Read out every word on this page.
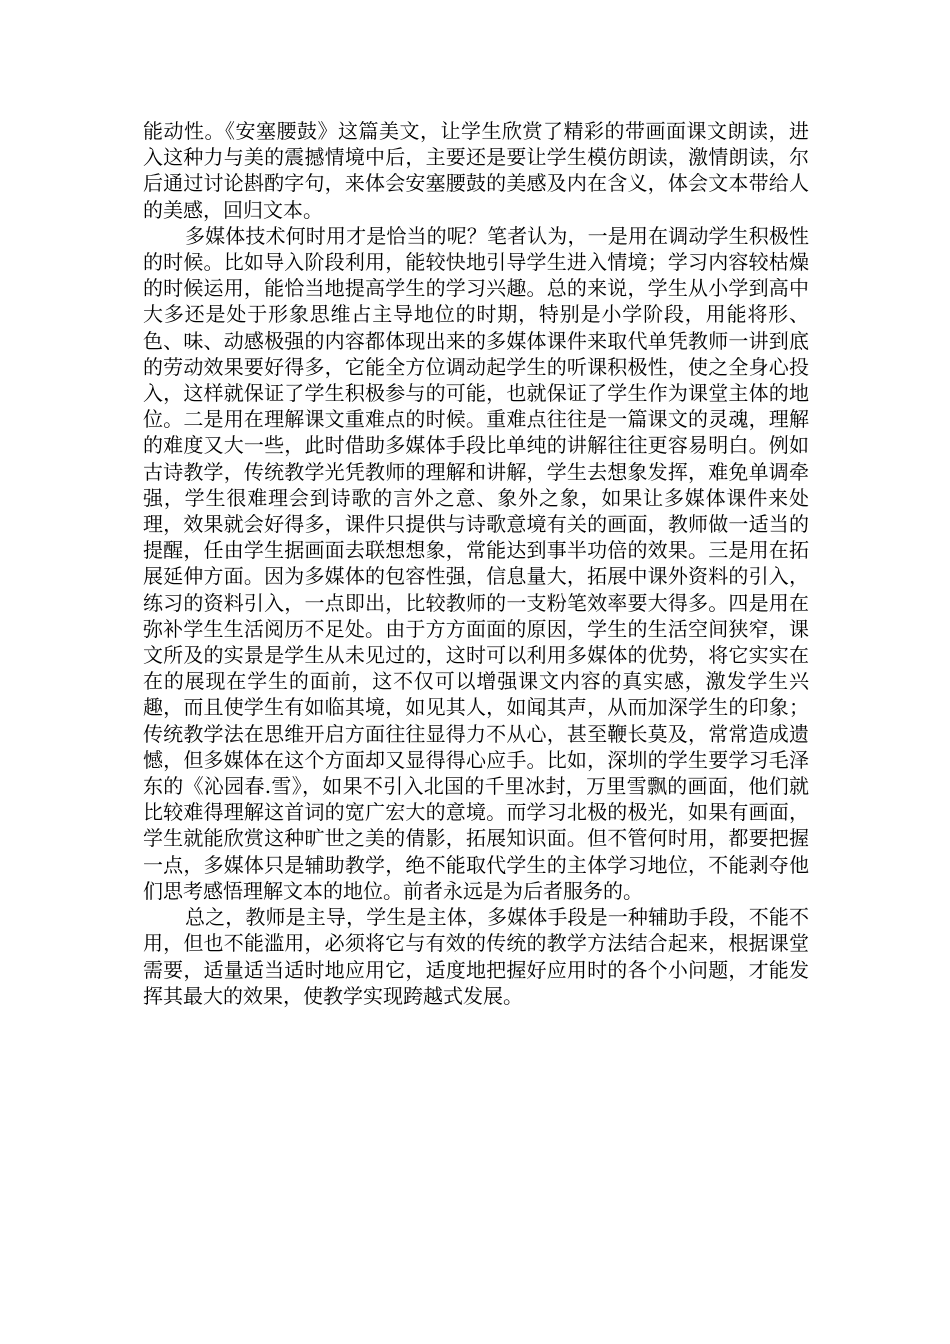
能动性。《安塞腰鼓》这篇美文，让学生欣赏了精彩的带画面课文朗读，进入这种力与美的震撼情境中后，主要还是要让学生模仿朗读，激情朗读，尔后通过讨论斟酌字句，来体会安塞腰鼓的美感及内在含义，体会文本带给人的美感，回归文本。

多媒体技术何时用才是恰当的呢？笔者认为，一是用在调动学生积极性的时候。比如导入阶段利用，能较快地引导学生进入情境；学习内容较枯燥的时候运用，能恰当地提高学生的学习兴趣。总的来说，学生从小学到高中大多还是处于形象思维占主导地位的时期，特别是小学阶段，用能将形、色、味、动感极强的内容都体现出来的多媒体课件来取代单凭教师一讲到底的劳动效果要好得多，它能全方位调动起学生的听课积极性，使之全身心投入，这样就保证了学生积极参与的可能，也就保证了学生作为课堂主体的地位。二是用在理解课文重难点的时候。重难点往往是一篇课文的灵魂，理解的难度又大一些，此时借助多媒体手段比单纯的讲解往往更容易明白。例如古诗教学，传统教学光凭教师的理解和讲解，学生去想象发挥，难免单调牵强，学生很难理会到诗歌的言外之意、象外之象，如果让多媒体课件来处理，效果就会好得多，课件只提供与诗歌意境有关的画面，教师做一适当的提醒，任由学生据画面去联想想象，常能达到事半功倍的效果。三是用在拓展延伸方面。因为多媒体的包容性强，信息量大，拓展中课外资料的引入，练习的资料引入，一点即出，比较教师的一支粉笔效率要大得多。四是用在弥补学生生活阅历不足处。由于方方面面的原因，学生的生活空间狭窄，课文所及的实景是学生从未见过的，这时可以利用多媒体的优势，将它实实在在的展现在学生的面前，这不仅可以增强课文内容的真实感，激发学生兴趣，而且使学生有如临其境，如见其人，如闻其声，从而加深学生的印象；传统教学法在思维开启方面往往显得力不从心，甚至鞭长莫及，常常造成遗憾，但多媒体在这个方面却又显得得心应手。比如，深圳的学生要学习毛泽东的《沁园春.雪》，如果不引入北国的千里冰封，万里雪飘的画面，他们就比较难得理解这首词的宽广宏大的意境。而学习北极的极光，如果有画面，学生就能欣赏这种旷世之美的倩影，拓展知识面。但不管何时用，都要把握一点，多媒体只是辅助教学，绝不能取代学生的主体学习地位，不能剥夺他们思考感悟理解文本的地位。前者永远是为后者服务的。

总之，教师是主导，学生是主体，多媒体手段是一种辅助手段，不能不用，但也不能滥用，必须将它与有效的传统的教学方法结合起来，根据课堂需要，适量适当适时地应用它，适度地把握好应用时的各个小问题，才能发挥其最大的效果，使教学实现跨越式发展。
